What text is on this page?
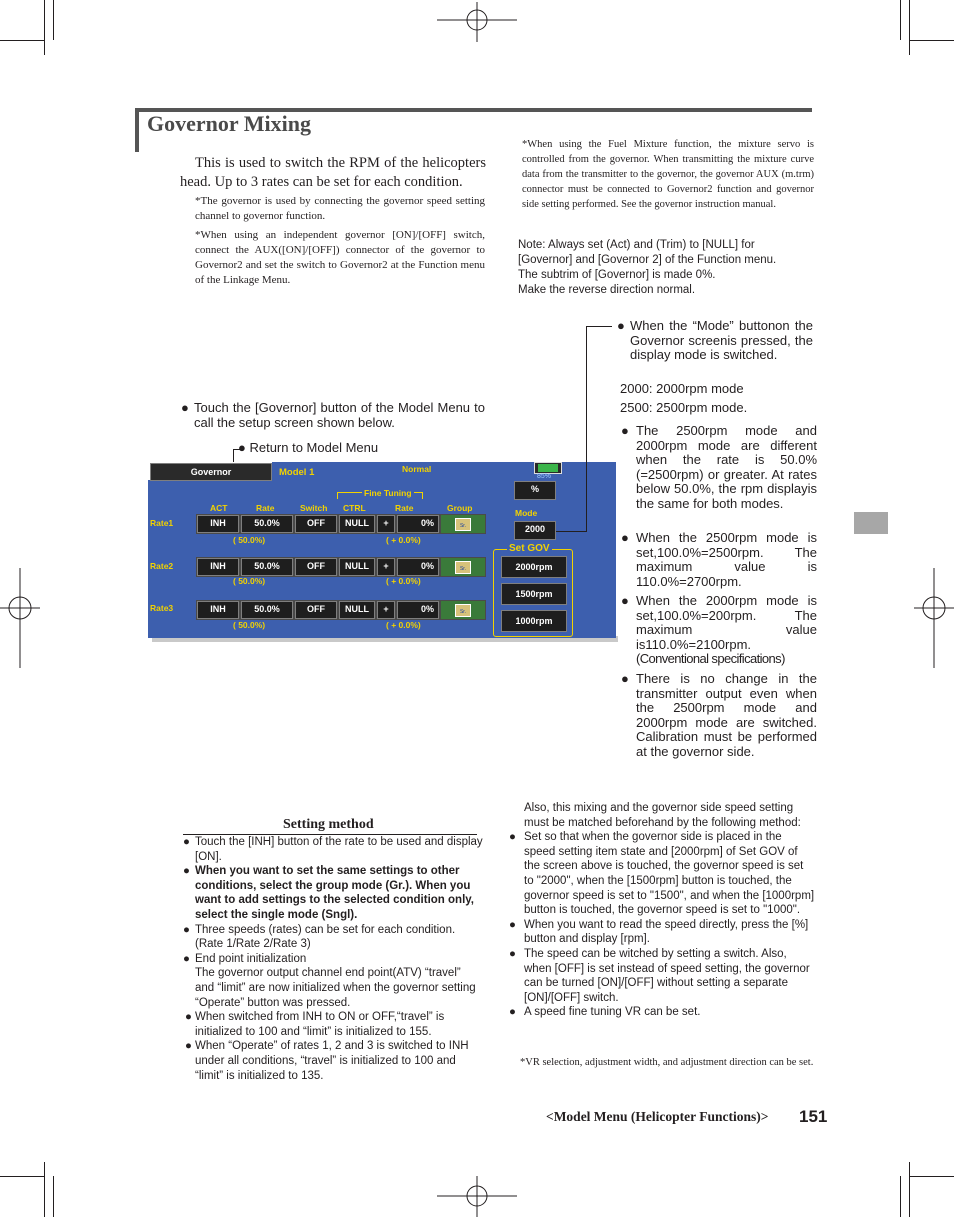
Governor Mixing
This is used to switch the RPM of the helicopters head. Up to 3 rates can be set for each condition.
*The governor is used by connecting the governor speed setting channel to governor function.
*When using an independent governor [ON]/[OFF] switch, connect the AUX([ON]/[OFF]) connector of the governor to Governor2 and set the switch to Governor2 at the Function menu of the Linkage Menu.
*When using the Fuel Mixture function, the mixture servo is controlled from the governor. When transmitting the mixture curve data from the transmitter to the governor, the governor AUX (m.trm) connector must be connected to Governor2 function and governor side setting performed. See the governor instruction manual.
Note: Always set (Act) and (Trim) to [NULL] for
[Governor] and [Governor 2] of the Function menu.
The subtrim of [Governor] is made 0%.
Make the reverse direction normal.
● Touch the [Governor] button of the Model Menu to call the setup screen shown below.
● Return to Model Menu
Governor	Model 1	Normal
85%
Fine Tuning
ACT	Rate	Switch CTRL	Rate	Group
Rate1	INH	50.0%	OFF	NULL	+	0%	Sr.
( 50.0%)	( + 0.0%)
Rate2	INH	50.0%	OFF	NULL	+	0%	Sr.
( 50.0%)	( + 0.0%)
Rate3	INH	50.0%	OFF	NULL	+	0%	Sr.
( 50.0%)	( + 0.0%)
%
Mode
2000
Set GOV
2000rpm
1500rpm
1000rpm
● When the “Mode” buttonon the Governor screenis pressed, the display mode is switched.
2000: 2000rpm mode
2500: 2500rpm mode.
● The 2500rpm mode and 2000rpm mode are different when the rate is 50.0% (=2500rpm) or greater. At rates below 50.0%, the rpm displayis the same for both modes.
● When the 2500rpm mode is set,100.0%=2500rpm. The maximum value is 110.0%=2700rpm.
● When the 2000rpm mode is set,100.0%=200rpm. The maximum value is110.0%=2100rpm.
(Conventional specifications)
● There is no change in the transmitter output even when the 2500rpm mode and 2000rpm mode are switched. Calibration must be performed at the governor side.
Setting method
● Touch the [INH] button of the rate to be used and display [ON].
● When you want to set the same settings to other conditions, select the group mode (Gr.). When you want to add settings to the selected condition only, select the single mode (Sngl).
● Three speeds (rates) can be set for each condition. (Rate 1/Rate 2/Rate 3)
● End point initialization
The governor output channel end point(ATV) “travel” and “limit” are now initialized when the governor setting “Operate” button was pressed.
● When switched from INH to ON or OFF,“travel” is initialized to 100 and “limit” is initialized to 155.
● When “Operate” of rates 1, 2 and 3 is switched to INH under all conditions, “travel” is initialized to 100 and “limit” is initialized to 135.
Also, this mixing and the governor side speed setting must be matched beforehand by the following method:
● Set so that when the governor side is placed in the speed setting item state and [2000rpm] of Set GOV of the screen above is touched, the governor speed is set to "2000", when the [1500rpm] button is touched, the governor speed is set to "1500", and when the [1000rpm] button is touched, the governor speed is set to "1000".
● When you want to read the speed directly, press the [%] button and display [rpm].
● The speed can be witched by setting a switch. Also, when [OFF] is set instead of speed setting, the governor can be turned [ON]/[OFF] without setting a separate [ON]/[OFF] switch.
● A speed fine tuning VR can be set.
*VR selection, adjustment width, and adjustment direction can be set.
<Model Menu (Helicopter Functions)> 151
